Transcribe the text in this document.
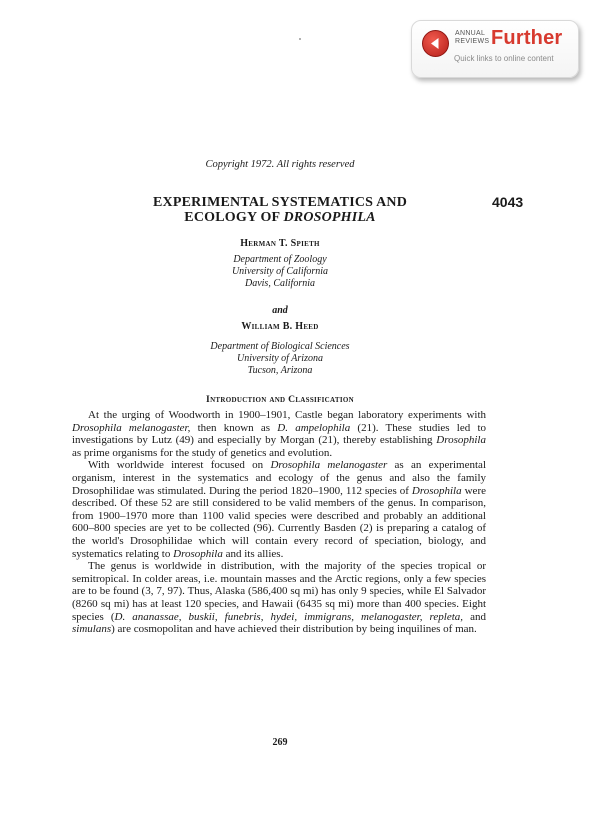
ANNUAL
REVIEWS Further
Quick links to online content
Copyright 1972. All rights reserved
EXPERIMENTAL SYSTEMATICS AND
ECOLOGY OF DROSOPHILA
4043
Herman T. Spieth
Department of Zoology
University of California
Davis, California
and
William B. Heed
Department of Biological Sciences
University of Arizona
Tucson, Arizona
Introduction and Classification

At the urging of Woodworth in 1900–1901, Castle began laboratory experiments with Drosophila melanogaster, then known as D. ampelophila (21). These studies led to investigations by Lutz (49) and especially by Morgan (21), thereby establishing Drosophila as prime organisms for the study of genetics and evolution.

With worldwide interest focused on Drosophila melanogaster as an experimental organism, interest in the systematics and ecology of the genus and also the family Drosophilidae was stimulated. During the period 1820–1900, 112 species of Drosophila were described. Of these 52 are still considered to be valid members of the genus. In comparison, from 1900–1970 more than 1100 valid species were described and probably an additional 600–800 species are yet to be collected (96). Currently Basden (2) is preparing a catalog of the world's Drosophilidae which will contain every record of speciation, biology, and systematics relating to Drosophila and its allies.

The genus is worldwide in distribution, with the majority of the species tropical or semitropical. In colder areas, i.e. mountain masses and the Arctic regions, only a few species are to be found (3, 7, 97). Thus, Alaska (586,400 sq mi) has only 9 species, while El Salvador (8260 sq mi) has at least 120 species, and Hawaii (6435 sq mi) more than 400 species. Eight species (D. ananassae, buskii, funebris, hydei, immigrans, melanogaster, repleta, and simulans) are cosmopolitan and have achieved their distribution by being inquilines of man.

269
